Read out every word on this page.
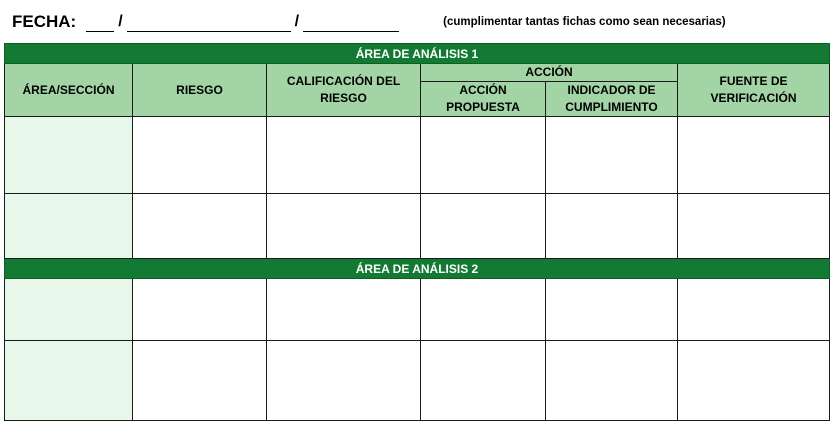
FECHA:	/	/	(cumplimentar tantas fichas como sean necesarias)
ÁREA DE ANÁLISIS 1					
ÁREA/SECCIÓN	RIESGO	CALIFICACIÓN DEL RIESGO	ACCIÓN		FUENTE DE VERIFICACIÓN
			ACCIÓN PROPUESTA	INDICADOR DE CUMPLIMIENTO	

ÁREA DE ANÁLISIS 2					
